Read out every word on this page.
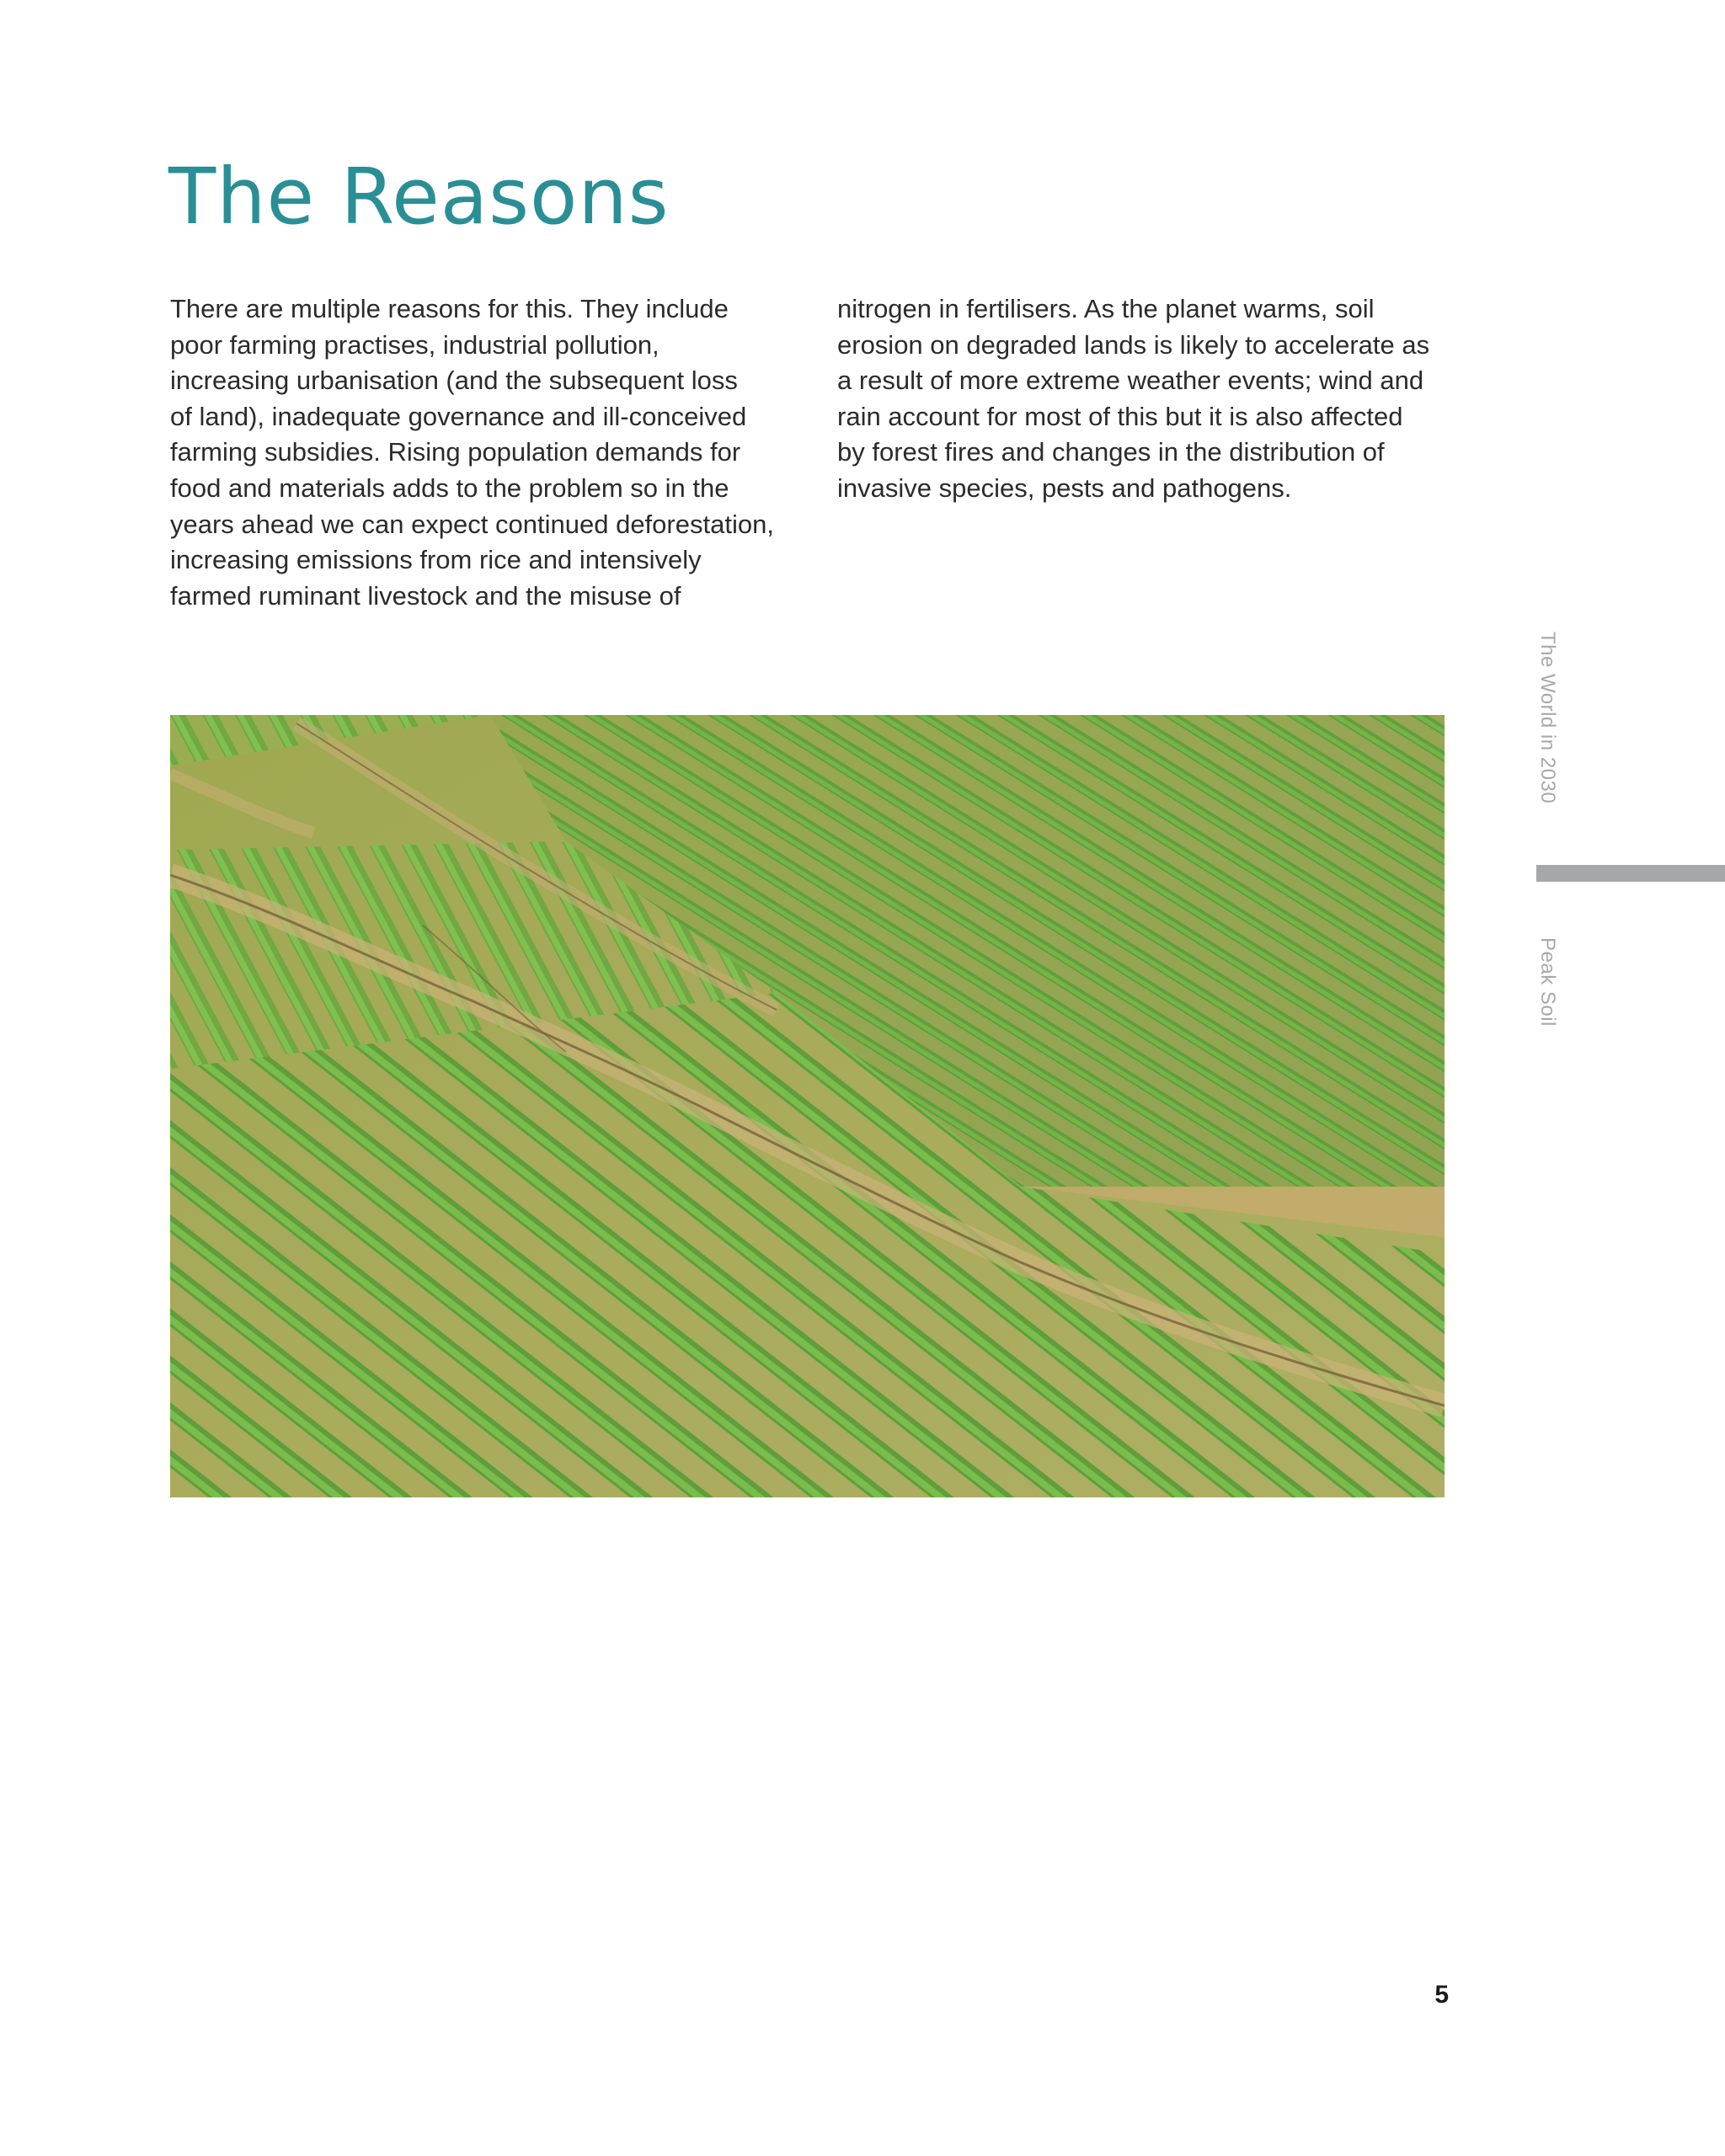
The Reasons

There are multiple reasons for this. They include
poor farming practises, industrial pollution,
increasing urbanisation (and the subsequent loss
of land), inadequate governance and ill-conceived
farming subsidies. Rising population demands for
food and materials adds to the problem so in the
years ahead we can expect continued deforestation,
increasing emissions from rice and intensively
farmed ruminant livestock and the misuse of

nitrogen in fertilisers. As the planet warms, soil
erosion on degraded lands is likely to accelerate as
a result of more extreme weather events; wind and
rain account for most of this but it is also affected
by forest fires and changes in the distribution of
invasive species, pests and pathogens.

The World in 2030
Peak Soil
5
